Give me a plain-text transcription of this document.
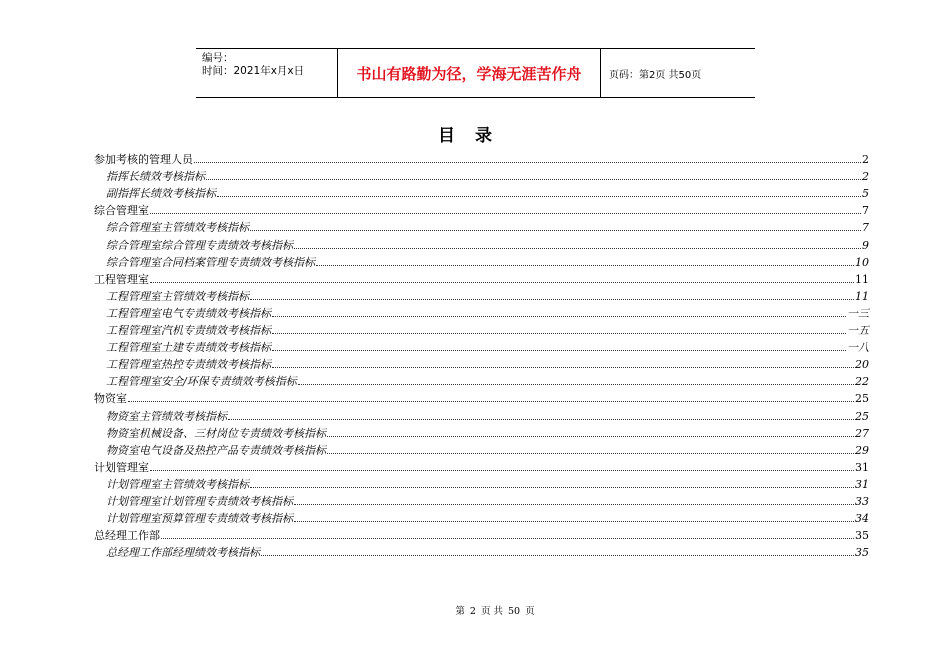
编号：
时间：2021年x月x日	书山有路勤为径，学海无涯苦作舟	页码：第2页 共50页
目录
参加考核的管理人员	2
指挥长绩效考核指标	2
副指挥长绩效考核指标	5
综合管理室	7
综合管理室主管绩效考核指标	7
综合管理室综合管理专责绩效考核指标	9
综合管理室合同档案管理专责绩效考核指标	10
工程管理室	11
工程管理室主管绩效考核指标	11
工程管理室电气专责绩效考核指标	一三
工程管理室汽机专责绩效考核指标	一五
工程管理室土建专责绩效考核指标	一八
工程管理室热控专责绩效考核指标	20
工程管理室安全/环保专责绩效考核指标	22
物资室	25
物资室主管绩效考核指标	25
物资室机械设备、三材岗位专责绩效考核指标	27
物资室电气设备及热控产品专责绩效考核指标	29
计划管理室	31
计划管理室主管绩效考核指标	31
计划管理室计划管理专责绩效考核指标	33
计划管理室预算管理专责绩效考核指标	34
总经理工作部	35
总经理工作部经理绩效考核指标	35
第 2 页 共 50 页
